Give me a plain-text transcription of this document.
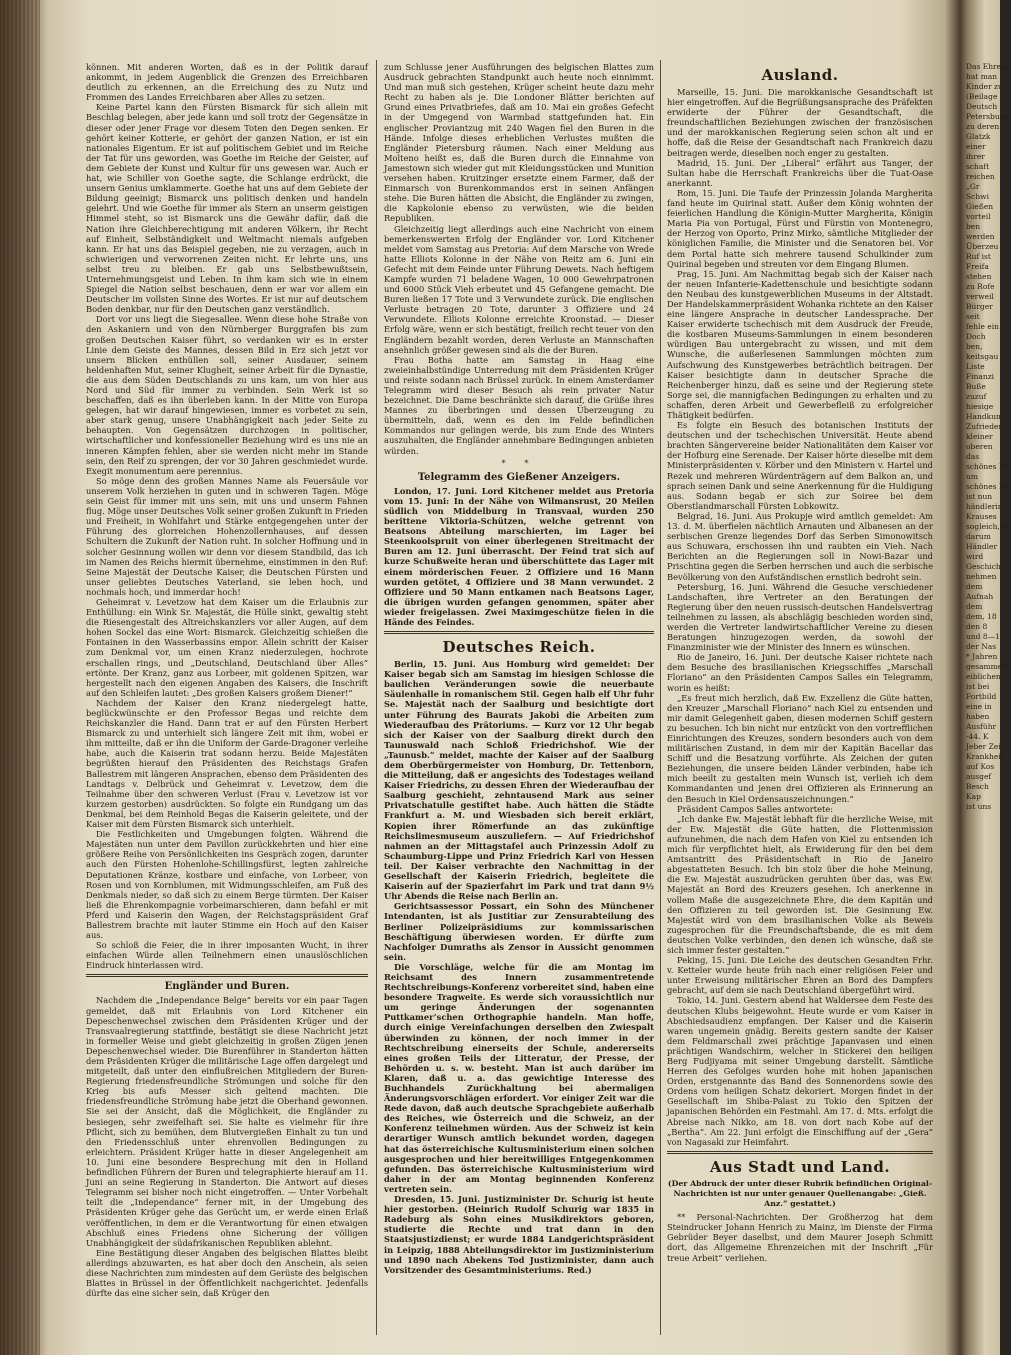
können. Mit anderen Worten, daß es in der Politik darauf ankommt, in jedem Augenblick die Grenzen des Erreichbaren deutlich zu erkennen, an die Erreichung des zu Nutz und Frommen des Landes Erreichbaren aber Alles zu setzen.

Keine Partei kann den Fürsten Bismarck für sich allein mit Beschlag belegen, aber jede kann und soll trotz der Gegensätze in dieser oder jener Frage vor diesem Toten den Degen senken. Er gehört keiner Kotterie, er gehört der ganzen Nation, er ist ein nationales Eigentum. Er ist auf politischem Gebiet und im Reiche der Tat für uns geworden, was Goethe im Reiche der Geister, auf dem Gebiete der Kunst und Kultur für uns gewesen war. Auch er hat, wie Schiller von Goethe sagte, die Schlange erdrückt, die unsern Genius umklammerte. Goethe hat uns auf dem Gebiete der Bildung geeinigt; Bismarck uns politisch denken und handeln gelehrt. Und wie Goethe für immer als Stern an unserm geistigen Himmel steht, so ist Bismarck uns die Gewähr dafür, daß die Nation ihre Gleichberechtigung mit anderen Völkern, ihr Recht auf Einheit, Selbständigkeit und Weltmacht niemals aufgeben kann. Er hat uns das Beispiel gegeben, nie zu verzagen, auch in schwierigen und verworrenen Zeiten nicht. Er lehrte uns, uns selbst treu zu bleiben. Er gab uns Selbstbewußtsein, Unternehmungsgeist und Leben. In ihm kam sich wie in einem Spiegel die Nation selbst beschauen, denn er war vor allem ein Deutscher im vollsten Sinne des Wortes. Er ist nur auf deutschem Boden denkbar, nur für den Deutschen ganz verständlich.

Dort vor uns liegt die Siegesallee. Wenn diese hohe Straße von den Askaniern und von den Nürnberger Burggrafen bis zum großen Deutschen Kaiser führt, so verdanken wir es in erster Linie dem Geiste des Mannes, dessen Bild in Erz sich jetzt vor unsern Blicken enthüllen soll, seiner Ausdauer, seinem heldenhaften Mut, seiner Klugheit, seiner Arbeit für die Dynastie, die aus dem Süden Deutschlands zu uns kam, um von hier aus Nord und Süd für immer zu verbinden. Sein Werk ist so beschaffen, daß es ihn überleben kann. In der Mitte von Europa gelegen, hat wir darauf hingewiesen, immer es vorbetet zu sein, aber stark genug, unsere Unabhängigkeit nach jeder Seite zu behaupten. Von Gegensätzen durchzogen in politischer, wirtschaftlicher und konfessioneller Beziehung wird es uns nie an inneren Kämpfen fehlen, aber sie werden nicht mehr im Stande sein, den Reif zu sprengen, der vor 30 Jahren geschmiedet wurde. Exegit monumentum aere perennius.

So möge denn des großen Mannes Name als Feuersäule vor unserem Volk herziehen in guten und in schweren Tagen. Möge sein Geist für immer mit uns sein, mit uns und unserm Fahnen flug. Möge unser Deutsches Volk seiner großen Zukunft in Frieden und Freiheit, in Wohlfahrt und Stärke entgegengehen unter der Führung des glorreichen Hohenzollernhauses, auf dessen Schultern die Zukunft der Nation ruht. In solcher Hoffnung und in solcher Gesinnung wollen wir denn vor diesem Standbild, das ich im Namen des Reichs hiermit übernehme, einstimmen in den Ruf: Seine Majestät der Deutsche Kaiser, die Deutschen Fürsten und unser geliebtes Deutsches Vaterland, sie leben hoch, und nochmals hoch, und immerdar hoch!

Geheimrat v. Levetzow hat dem Kaiser um die Erlaubnis zur Enthüllung: ein Wink Sr. Majestät, die Hülle sinkt, gewaltig steht die Riesengestalt des Altreichskanzlers vor aller Augen, auf dem hohen Sockel das eine Wort: Bismarck. Gleichzeitig schießen die Fontainen in den Wasserbassins empor. Allein schritt der Kaiser zum Denkmal vor, um einen Kranz niederzulegen, hochrote erschallen rings, und „Deutschland, Deutschland über Alles“ ertönte. Der Kranz, ganz aus Lorbeer, mit goldenen Spitzen, war hergestellt nach den eigenen Angaben des Kaisers, die Inschrift auf den Schleifen lautet: „Des großen Kaisers großem Diener!“

Nachdem der Kaiser den Kranz niedergelegt hatte, beglückwünschte er den Professor Begas und reichte dem Reichskanzler die Hand. Dann trat er auf den Fürsten Herbert Bismarck zu und unterhielt sich längere Zeit mit ihm, wobei er ihm mitteilte, daß er ihn die Uniform der Garde-Dragoner verleihe habe, auch die Kaiserin trat sodann herzu. Beide Majestäten begrüßten hierauf den Präsidenten des Reichstags Grafen Ballestrem mit längeren Ansprachen, ebenso dem Präsidenten des Landtags v. Delbrück und Geheimrat v. Levetzow, dem die Teilnahme über den schweren Verlust (Frau v. Levetzow ist vor kurzem gestorben) ausdrückten. So folgte ein Rundgang um das Denkmal, bei dem Reinhold Begas die Kaiserin geleitete, und der Kaiser mit dem Fürsten Bismarck sich unterhielt.

Die Festlichkeiten und Umgebungen folgten. Während die Majestäten nun unter dem Pavillon zurückkehrten und hier eine größere Reihe von Persönlichkeiten ins Gespräch zogen, darunter auch den Fürsten Hohenlohe-Schillingsfürst, legten zahlreiche Deputationen Kränze, kostbare und einfache, von Lorbeer, von Rosen und von Kornblumen, mit Widmungsschleifen, am Fuß des Denkmals nieder, so daß sich zu einem Berge türmten. Der Kaiser ließ die Ehrenkompagnie vorbeimarschieren, dann befahl er mit Pferd und Kaiserin den Wagen, der Reichstagspräsident Graf Ballestrem brachte mit lauter Stimme ein Hoch auf den Kaiser aus.

So schloß die Feier, die in ihrer imposanten Wucht, in ihrer einfachen Würde allen Teilnehmern einen unauslöschlichen Eindruck hinterlassen wird.

Engländer und Buren.

Nachdem die „Independance Belge“ bereits vor ein paar Tagen gemeldet, daß mit Erlaubnis von Lord Kitchener ein Depeschenwechsel zwischen dem Präsidenten Krüger und der Transvaalregierung stattfinde, bestätigt sie diese Nachricht jetzt in formeller Weise und giebt gleichzeitig in großen Zügen jenen Depeschenwechsel wieder. Die Burenführer in Standerton hätten dem Präsidenten Krüger die militärische Lage offen dargelegt und mitgeteilt, daß unter den einflußreichen Mitgliedern der Buren-Regierung friedensfreundliche Strömungen und solche für den Krieg bis aufs Messer sich geltend machten. Die friedensfreundliche Strömung habe jetzt die Oberhand gewonnen. Sie sei der Ansicht, daß die Möglichkeit, die Engländer zu besiegen, sehr zweifelhaft sei. Sie halte es vielmehr für ihre Pflicht, sich zu bemühen, dem Blutvergießen Einhalt zu tun und den Friedensschluß unter ehrenvollen Bedingungen zu erleichtern. Präsident Krüger hatte in dieser Angelegenheit am 10. Juni eine besondere Besprechung mit den in Holland befindlichen Führern der Buren und telegraphierte hierauf am 11. Juni an seine Regierung in Standerton. Die Antwort auf dieses Telegramm sei bisher noch nicht eingetroffen. — Unter Vorbehalt teilt die „Independance“ ferner mit, in der Umgebung des Präsidenten Krüger gehe das Gerücht um, er werde einen Erlaß veröffentlichen, in dem er die Verantwortung für einen etwaigen Abschluß eines Friedens ohne Sicherung der völligen Unabhängigkeit der südafrikanischen Republiken ablehnt.

Eine Bestätigung dieser Angaben des belgischen Blattes bleibt allerdings abzuwarten, es hat aber doch den Anschein, als seien diese Nachrichten zum mindesten auf dem Gerüste des belgischen Blattes in Brüssel in der Öffentlichkeit nachgerichtet. Jedenfalls dürfte das eine sicher sein, daß Krüger den

zum Schlusse jener Ausführungen des belgischen Blattes zum Ausdruck gebrachten Standpunkt auch heute noch einnimmt. Und man muß sich gestehen, Krüger scheint heute dazu mehr Recht zu haben als je. Die Londoner Blätter berichten auf Grund eines Privatbriefes, daß am 10. Mai ein großes Gefecht in der Umgegend von Warmbad stattgefunden hat. Ein englischer Proviantzug mit 240 Wagen fiel den Buren in die Hände. Infolge dieses erheblichen Verlustes mußten die Engländer Pietersburg räumen. Nach einer Meldung aus Molteno heißt es, daß die Buren durch die Einnahme von Jamestown sich wieder gut mit Kleidungsstücken und Munition versehen haben. Kruitzinger ersetzte einem Farmer, daß der Einmarsch von Burenkommandos erst in seinen Anfängen stehe. Die Buren hätten die Absicht, die Engländer zu zwingen, die Kapkolonie ebenso zu verwüsten, wie die beiden Republiken.

Gleichzeitig liegt allerdings auch eine Nachricht von einem bemerkenswerten Erfolg der Engländer vor. Lord Kitchener meldet vom Samstag aus Pretoria: Auf dem Marsche von Wrede hatte Elliots Kolonne in der Nähe von Reitz am 6. Juni ein Gefecht mit dem Feinde unter Führung Dewets. Nach heftigem Kampfe wurden 71 beladene Wagen, 10 000 Gewehrpatronen und 6000 Stück Vieh erbeutet und 45 Gefangene gemacht. Die Buren ließen 17 Tote und 3 Verwundete zurück. Die englischen Verluste betragen 20 Tote, darunter 3 Offiziere und 24 Verwundete. Elliots Kolonne erreichte Kroonstad. — Dieser Erfolg wäre, wenn er sich bestätigt, freilich recht teuer von den Engländern bezahlt worden, deren Verluste an Mannschaften ansehnlich größer gewesen sind als die der Buren.

Frau Botha hatte am Samstag in Haag eine zweieinhalbstündige Unterredung mit dem Präsidenten Krüger und reiste sodann nach Brüssel zurück. In einem Amsterdamer Telegramm wird dieser Besuch als rein privater Natur bezeichnet. Die Dame beschränkte sich darauf, die Grüße ihres Mannes zu überbringen und dessen Überzeugung zu übermitteln, daß, wenn es den im Felde befindlichen Kommandos nur gelingen werde, bis zum Ende des Winters auszuhalten, die Engländer annehmbare Bedingungen anbieten würden.

* *
Telegramm des Gießener Anzeigers.

London, 17. Juni. Lord Kitchener meldet aus Pretoria vom 15. Juni: In der Nähe von Wilmansrust, 20 Meilen südlich von Middelburg in Transvaal, wurden 250 berittene Viktoria-Schützen, welche getrennt von Beatsons Abteilung marschierten, im Lager bei Steenkoolspruit von einer überlegenen Streitmacht der Buren am 12. Juni überrascht. Der Feind trat sich auf kurze Schußweite heran und überschüttete das Lager mit einem mörderischen Feuer. 2 Offiziere und 16 Mann wurden getötet, 4 Offiziere und 38 Mann verwundet. 2 Offiziere und 50 Mann entkamen nach Beatsons Lager, die übrigen wurden gefangen genommen, später aber wieder freigelassen. Zwei Maximgeschütze fielen in die Hände des Feindes.

Deutsches Reich.

Berlin, 15. Juni. Aus Homburg wird gemeldet: Der Kaiser begab sich am Samstag im hiesigen Schlosse die baulichen Veränderungen sowie die neuerbaute Säulenhalle in romanischem Stil. Gegen halb elf Uhr fuhr Se. Majestät nach der Saalburg und besichtigte dort unter Führung des Baurats Jakobi die Arbeiten zum Wiederaufbau des Prätoriums. — Kurz vor 12 Uhr begab sich der Kaiser von der Saalburg direkt durch den Taunuswald nach Schloß Friedrichshof. Wie der „Taunusb.“ meldet, machte der Kaiser auf der Saalburg dem Oberbürgermeister von Homburg, Dr. Tettenborn, die Mitteilung, daß er angesichts des Todestages weiland Kaiser Friedrichs, zu dessen Ehren der Wiederaufbau der Saalburg geschieht, zehntausend Mark aus seiner Privatschatulle gestiftet habe. Auch hätten die Städte Frankfurt a. M. und Wiesbaden sich bereit erklärt, Kopien ihrer Römerfunde an das zukünftige Reichslimesmuseum auszuliefern. — Auf Friedrichshof nahmen an der Mittagstafel auch Prinzessin Adolf zu Schaumburg-Lippe und Prinz Friedrich Karl von Hessen teil. Der Kaiser verbrachte den Nachmittag in der Gesellschaft der Kaiserin Friedrich, begleitete die Kaiserin auf der Spazierfahrt im Park und trat dann 9½ Uhr Abends die Reise nach Berlin an.

Gerichtsassessor Possart, ein Sohn des Münchener Intendanten, ist als Justitiar zur Zensurabteilung des Berliner Polizeipräsidiums zur kommissarischen Beschäftigung überwiesen worden. Er dürfte zum Nachfolger Dumraths als Zensor in Aussicht genommen sein.

Die Vorschläge, welche für die am Montag im Reichsamt des Innern zusammentretende Rechtschreibungs-Konferenz vorbereitet sind, haben eine besondere Tragweite. Es werde sich voraussichtlich nur um geringe Änderungen der sogenannten Puttkamer’schen Orthographie handeln. Man hoffe, durch einige Vereinfachungen derselben den Zwiespalt überwinden zu können, der noch immer in der Rechtschreibung einerseits der Schule, andererseits eines großen Teils der Litteratur, der Presse, der Behörden u. s. w. besteht. Man ist auch darüber im Klaren, daß u. a. das gewichtige Interesse des Buchhandels Zurückhaltung bei abermaligen Änderungsvorschlägen erfordert. Vor einiger Zeit war die Rede davon, daß auch deutsche Sprachgebiete außerhalb des Reiches, wie Österreich und die Schweiz, an der Konferenz teilnehmen würden. Aus der Schweiz ist kein derartiger Wunsch amtlich bekundet worden, dagegen hat das österreichische Kultusministerium einen solchen ausgesprochen und hier bereitwilliges Entgegenkommen gefunden. Das österreichische Kultusministerium wird daher in der am Montag beginnenden Konferenz vertreten sein.

Dresden, 15. Juni. Justizminister Dr. Schurig ist heute hier gestorben. (Heinrich Rudolf Schurig war 1835 in Radeburg als Sohn eines Musikdirektors geboren, studierte die Rechte und trat dann in den Staatsjustizdienst; er wurde 1884 Landgerichtspräsident in Leipzig, 1888 Abteilungsdirektor im Justizministerium und 1890 nach Abekens Tod Justizminister, dann auch Vorsitzender des Gesamtministeriums. Red.)

Ausland.

Marseille, 15. Juni. Die marokkanische Gesandtschaft ist hier eingetroffen. Auf die Begrüßungsansprache des Präfekten erwiderte der Führer der Gesandtschaft, die freundschaftlichen Beziehungen zwischen der französischen und der marokkanischen Regierung seien schon alt und er hoffe, daß die Reise der Gesandtschaft nach Frankreich dazu beitragen werde, dieselben noch enger zu gestalten.

Madrid, 15. Juni. Der „Liberal“ erfährt aus Tanger, der Sultan habe die Herrschaft Frankreichs über die Tuat-Oase anerkannt.

Rom, 15. Juni. Die Taufe der Prinzessin Jolanda Margherita fand heute im Quirinal statt. Außer dem König wohnten der feierlichen Handlung die Königin-Mutter Margherita, Königin Maria Pia von Portugal, Fürst und Fürstin von Montenegro, der Herzog von Oporto, Prinz Mirko, sämtliche Mitglieder der königlichen Familie, die Minister und die Senatoren bei. Vor dem Portal hatte sich mehrere tausend Schulkinder zum Quirinal begeben und streuten vor dem Eingang Blumen.

Prag, 15. Juni. Am Nachmittag begab sich der Kaiser nach der neuen Infanterie-Kadettenschule und besichtigte sodann den Neubau des kunstgewerblichen Museums in der Altstadt. Der Handelskammerpräsident Wohanka richtete an den Kaiser eine längere Ansprache in deutscher Landessprache. Der Kaiser erwiderte tschechisch mit dem Ausdruck der Freude, die kostbaren Museums-Sammlungen in einem besonderen würdigen Bau untergebracht zu wissen, und mit dem Wunsche, die außerlesenen Sammlungen möchten zum Aufschwung des Kunstgewerbes beträchtlich beitragen. Der Kaiser besichtigte dann in deutscher Sprache die Reichenberger hinzu, daß es seine und der Regierung stete Sorge sei, die mannigfachen Bedingungen zu erhalten und zu schaffen, deren Arbeit und Gewerbefleiß zu erfolgreicher Thätigkeit bedürfen.

Es folgte ein Besuch des botanischen Instituts der deutschen und der tschechischen Universität. Heute abend brachten Sängervereine beider Nationalitäten dem Kaiser vor der Hofburg eine Serenade. Der Kaiser hörte dieselbe mit dem Ministerpräsidenten v. Körber und den Ministern v. Hartel und Rezek und mehreren Würdenträgern auf dem Balkon an, und sprach seinen Dank und seine Anerkennung für die Huldigung aus. Sodann begab er sich zur Soiree bei dem Oberstlandmarschall Fürsten Lobkowitz.

Belgrad, 16. Juni. Aus Prokupje wird amtlich gemeldet: Am 13. d. M. überfielen nächtlich Arnauten und Albanesen an der serbischen Grenze liegendes Dorf das Serben Simonowitsch aus Schuwara, erschossen ihn und raubten ein Vieh. Nach Berichten an die Regierungen soll in Nowi-Bazar und Prischtina gegen die Serben herrschen und auch die serbische Bevölkerung von den Aufständischen ernstlich bedroht sein.

Petersburg, 16. Juni. Während die Gesuche verschiedener Landschaften, ihre Vertreter an den Beratungen der Regierung über den neuen russisch-deutschen Handelsvertrag teilnehmen zu lassen, als abschlägig beschieden worden sind, werden die Vertreter landwirtschaftlicher Vereine zu diesen Beratungen hinzugezogen werden, da sowohl der Finanzminister wie der Minister des Innern es wünschen.

Rio de Janeiro, 16. Juni. Der deutsche Kaiser richtete nach dem Besuche des brasilianischen Kriegsschiffes „Marschall Floriano“ an den Präsidenten Campos Salles ein Telegramm, worin es heißt:

„Es freut mich herzlich, daß Ew. Exzellenz die Güte hatten, den Kreuzer „Marschall Floriano“ nach Kiel zu entsenden und mir damit Gelegenheit gaben, diesen modernen Schiff gestern zu besuchen. Ich bin nicht nur entzückt von den vortrefflichen Einrichtungen des Kreuzes, sondern besonders auch von dem militärischen Zustand, in dem mir der Kapitän Bacellar das Schiff und die Besatzung vorführte. Als Zeichen der guten Beziehungen, die unsere beiden Länder verbinden, habe ich mich beeilt zu gestalten mein Wunsch ist, verlieh ich dem Kommandanten und jenen drei Offizieren als Erinnerung an den Besuch in Kiel Ordensauszeichnungen.“

Präsident Campos Salles antwortete:

„Ich danke Ew. Majestät lebhaft für die herzliche Weise, mit der Ew. Majestät die Güte hatten, die Flottenmission aufzunehmen, die nach dem Hafen von Kiel zu entsenden ich mich für verpflichtet hielt, als Erwiderung für den bei dem Amtsantritt des Präsidentschaft in Rio de Janeiro abgestatteten Besuch. Ich bin stolz über die hohe Meinung, die Ew. Majestät auszudrücken geruhten über das, was Ew. Majestät an Bord des Kreuzers gesehen. Ich anerkenne in vollem Maße die ausgezeichnete Ehre, die dem Kapitän und den Offizieren zu teil geworden ist. Die Gesinnung Ew. Majestät wird von dem brasilianischen Volke als Beweis zugesprochen für die Freundschaftsbande, die es mit dem deutschen Volke verbinden, den denen ich wünsche, daß sie sich immer fester gestalten.“

Peking, 15. Juni. Die Leiche des deutschen Gesandten Frhr. v. Ketteler wurde heute früh nach einer religiösen Feier und unter Erweisung militärischer Ehren an Bord des Dampfers gebracht, auf dem sie nach Deutschland übergeführt wird.

Tokio, 14. Juni. Gestern abend hat Waldersee dem Feste des deutschen Klubs beigewohnt. Heute wurde er vom Kaiser in Abschiedsaudienz empfangen. Der Kaiser und die Kaiserin waren ungemein gnädig. Bereits gestern sandte der Kaiser dem Feldmarschall zwei prächtige Japanvasen und einen prächtigen Wandschirm, welcher in Stickerei den heiligen Berg Fudjiyama mit seiner Umgebung darstellt. Sämtliche Herren des Gefolges wurden hohe mit hohen japanischen Orden, erstgenannte das Band des Sonnenordens sowie des Ordens vom heiligen Schatz dekoriert. Morgen findet in der Gesellschaft im Shiba-Palast zu Tokio den Spitzen der japanischen Behörden ein Festmahl. Am 17. d. Mts. erfolgt die Abreise nach Nikko, am 18. von dort nach Kobe auf der „Bertha“. Am 22. Juni erfolgt die Einschiffung auf der „Gera“ von Nagasaki zur Heimfahrt.

Aus Stadt und Land.
(Der Abdruck der unter dieser Rubrik befindlichen Original-Nachrichten ist nur unter genauer Quellenangabe: „Gieß. Anz.“ gestattet.)

** Personal-Nachrichten. Der Großherzog hat dem Steindrucker Johann Henrich zu Mainz, im Dienste der Firma Gebrüder Beyer daselbst, und dem Maurer Joseph Schmitt dort, das Allgemeine Ehrenzeichen mit der Inschrift „Für treue Arbeit“ verliehen.

Das Ehren-
hat man
Kinder zu
(Beilage
Deutsch
Petersburg
zu deren
Glatzk
einer
ihrer
schaft
reichen
„Gr
Schwi
Gießen
vorteil
ben
werden
Überzeu
Ruf ist
Freifa
stehen
zu Rofe
verweil
Bürger
seit
fehle ein
Doch
ben,
keitsgau
Liste
Finanzi
Buße
zuzuf
hiesige
Handkun
Zufrieden
kleiner
oberen
das
schönes Fe
um
schönes Ru
ist nun
händlerin
Krauses
sogleich, da
darum
Händler
wird
Geschich
nehmen
dem
Aufnah
dem
dem, 18
den 8
und 8—1
der Nas
* Jahren
gesammelt
eiblichen
ist bei
Fortbild
eine in
haben
Ausführ
-44. K
Jeber Zeit
Krankheit
auf Kos
ausgef
Besch
Kap
ist uns
